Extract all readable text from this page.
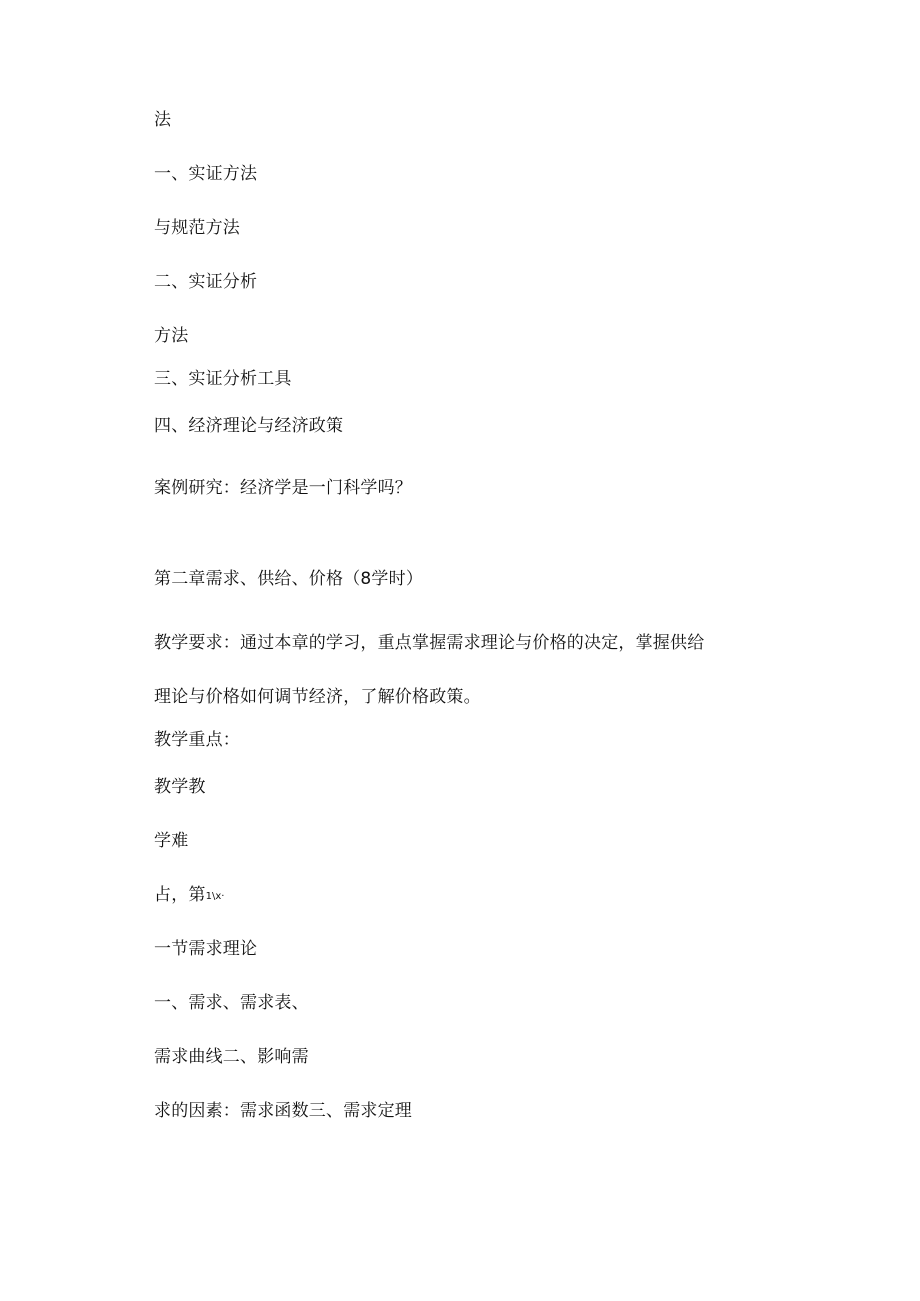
法
一、实证方法
与规范方法
二、实证分析
方法
三、实证分析工具
四、经济理论与经济政策
案例研究：经济学是一门科学吗？
第二章需求、供给、价格（8学时）
教学要求：通过本章的学习，重点掌握需求理论与价格的决定，掌握供给
理论与价格如何调节经济，了解价格政策。
教学重点：
教学教
学难
占，第1\x·
一节需求理论
一、需求、需求表、
需求曲线二、影响需
求的因素：需求函数三、需求定理
